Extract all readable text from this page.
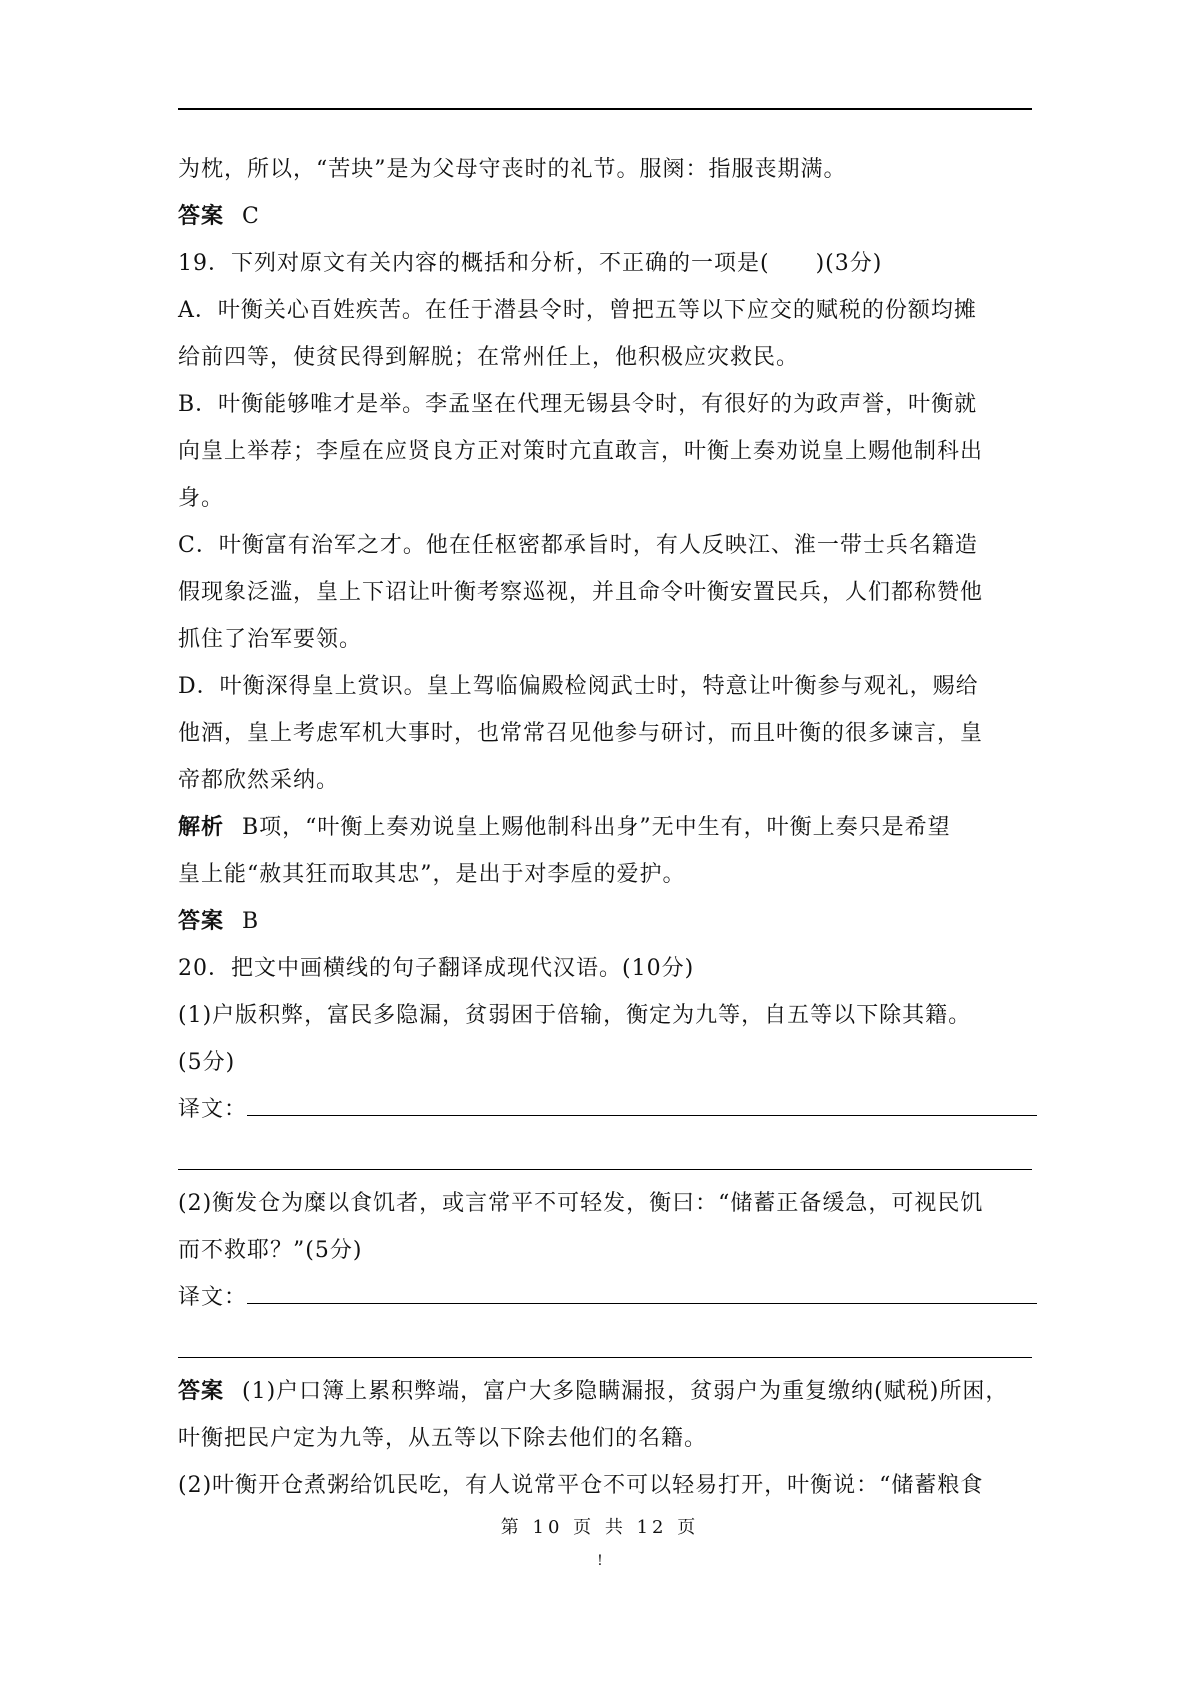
为枕，所以，“苦块”是为父母守丧时的礼节。服阕：指服丧期满。
答案 C
19．下列对原文有关内容的概括和分析，不正确的一项是(　　)(3分)
A．叶衡关心百姓疾苦。在任于潜县令时，曾把五等以下应交的赋税的份额均摊
给前四等，使贫民得到解脱；在常州任上，他积极应灾救民。
B．叶衡能够唯才是举。李孟坚在代理无锡县令时，有很好的为政声誉，叶衡就
向皇上举荐；李垕在应贤良方正对策时亢直敢言，叶衡上奏劝说皇上赐他制科出
身。
C．叶衡富有治军之才。他在任枢密都承旨时，有人反映江、淮一带士兵名籍造
假现象泛滥，皇上下诏让叶衡考察巡视，并且命令叶衡安置民兵，人们都称赞他
抓住了治军要领。
D．叶衡深得皇上赏识。皇上驾临偏殿检阅武士时，特意让叶衡参与观礼，赐给
他酒，皇上考虑军机大事时，也常常召见他参与研讨，而且叶衡的很多谏言，皇
帝都欣然采纳。
解析 B项，“叶衡上奏劝说皇上赐他制科出身”无中生有，叶衡上奏只是希望
皇上能“赦其狂而取其忠”，是出于对李垕的爱护。
答案 B
20．把文中画横线的句子翻译成现代汉语。(10分)
(1)户版积弊，富民多隐漏，贫弱困于倍输，衡定为九等，自五等以下除其籍。
(5分)
译文：
(2)衡发仓为糜以食饥者，或言常平不可轻发，衡曰：“储蓄正备缓急，可视民饥
而不救耶？”(5分)
译文：
答案 (1)户口簿上累积弊端，富户大多隐瞒漏报，贫弱户为重复缴纳(赋税)所困，
叶衡把民户定为九等，从五等以下除去他们的名籍。
(2)叶衡开仓煮粥给饥民吃，有人说常平仓不可以轻易打开，叶衡说：“储蓄粮食
第 10 页 共 12 页
!
